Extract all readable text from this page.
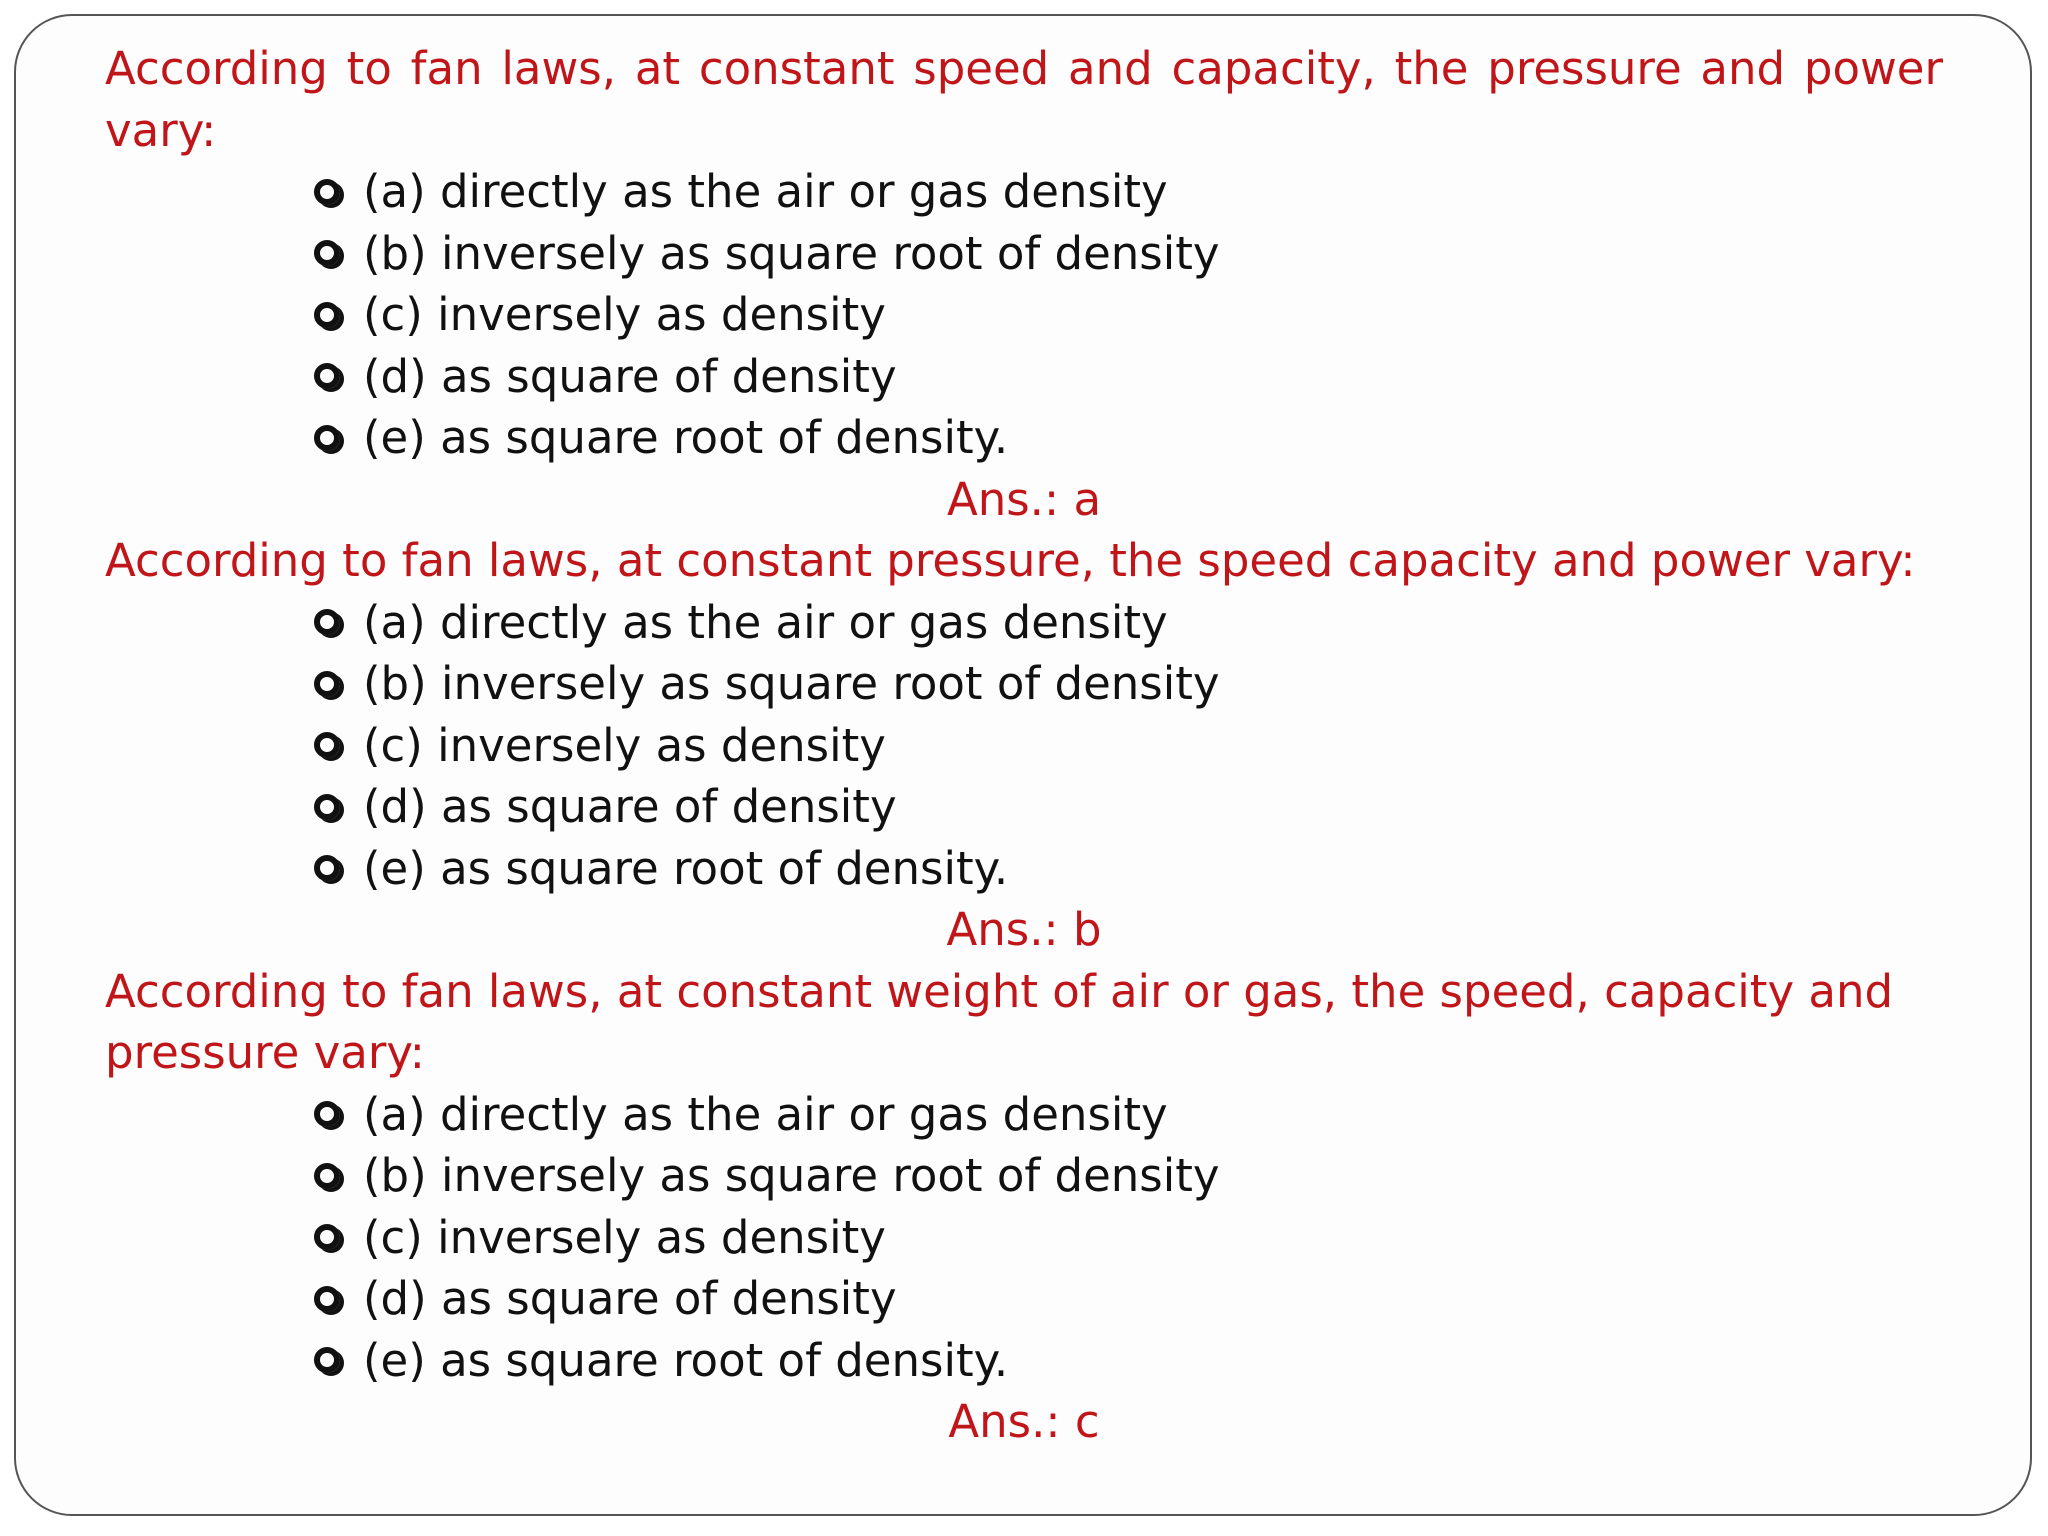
According to fan laws, at constant speed and capacity, the pressure and power vary:

(a) directly as the air or gas density
(b) inversely as square root of density
(c) inversely as density
(d) as square of density
(e) as square root of density.

Ans.: a

According to fan laws, at constant pressure, the speed capacity and power vary:

(a) directly as the air or gas density
(b) inversely as square root of density
(c) inversely as density
(d) as square of density
(e) as square root of density.

Ans.: b

According to fan laws, at constant weight of air or gas, the speed, capacity and pressure vary:

(a) directly as the air or gas density
(b) inversely as square root of density
(c) inversely as density
(d) as square of density
(e) as square root of density.

Ans.: c
